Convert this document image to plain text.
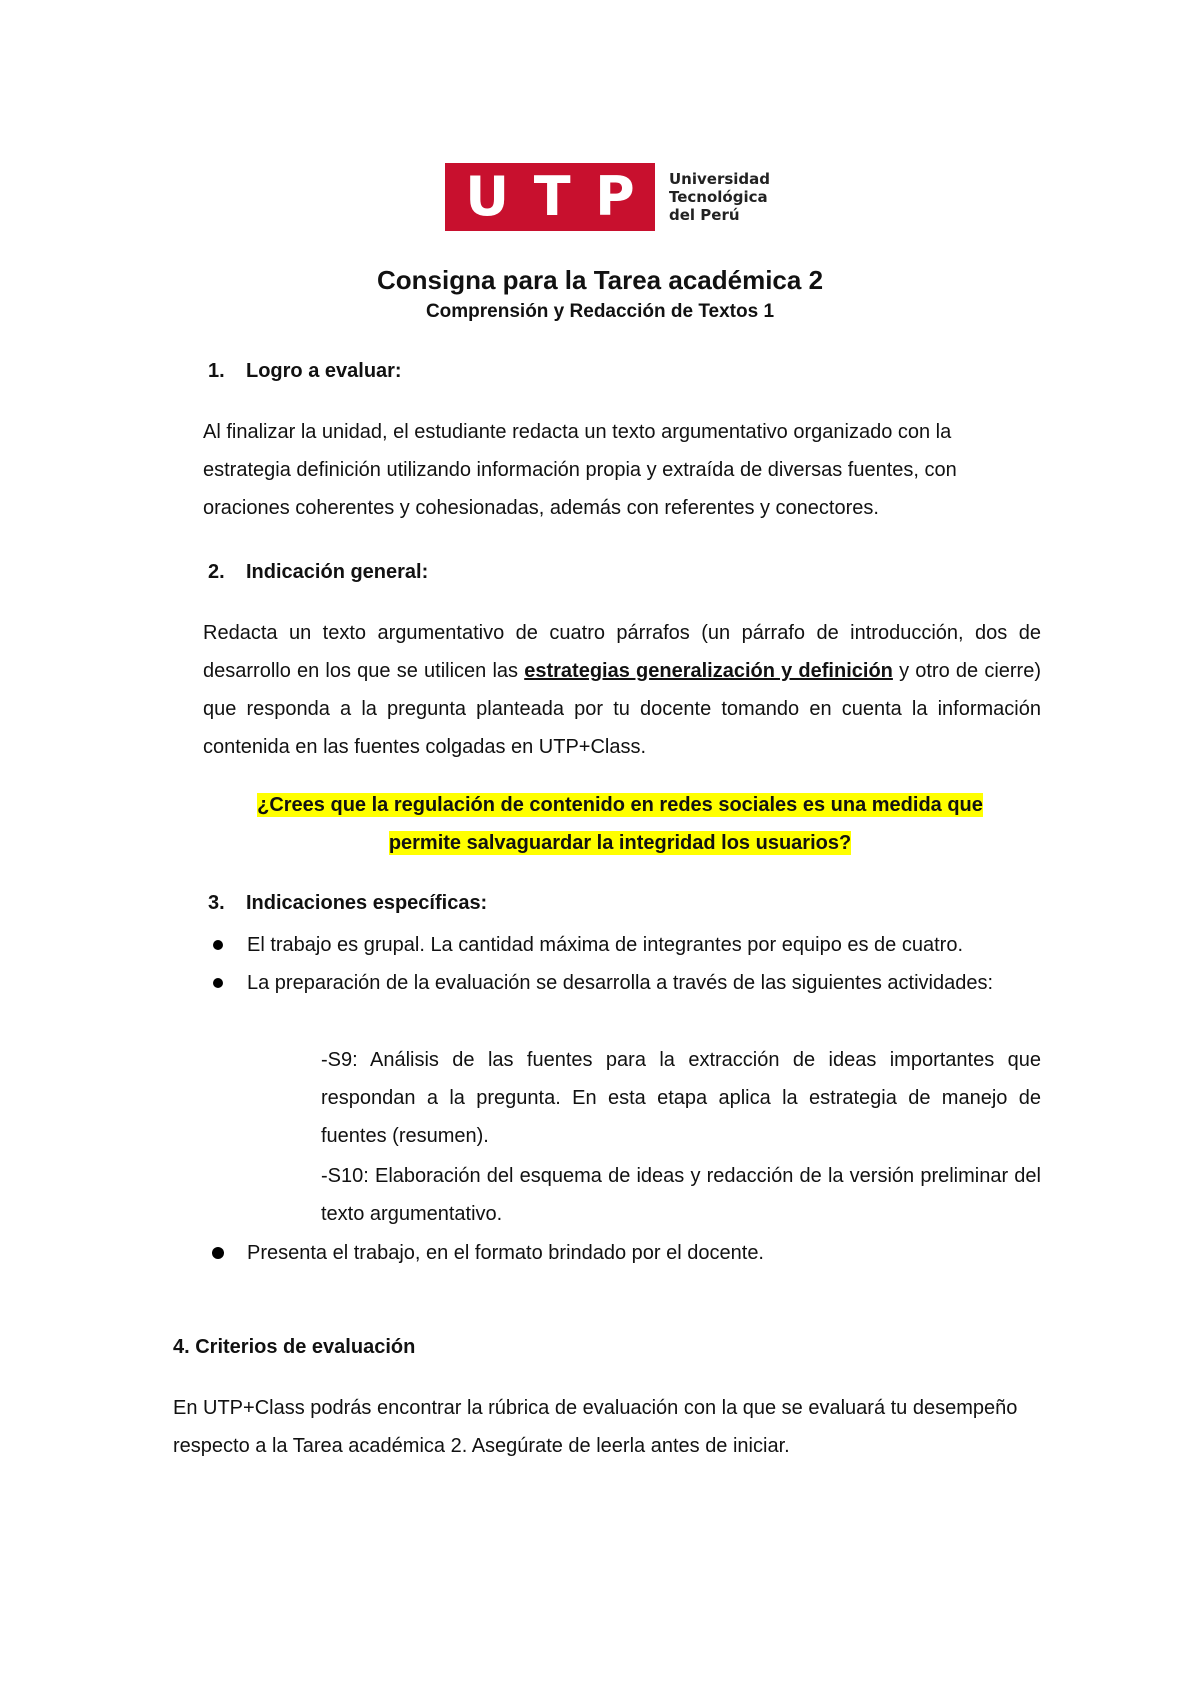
U T P Universidad
Tecnológica
del Perú
Consigna para la Tarea académica 2
Comprensión y Redacción de Textos 1
1. Logro a evaluar:

Al finalizar la unidad, el estudiante redacta un texto argumentativo organizado con la estrategia definición utilizando información propia y extraída de diversas fuentes, con oraciones coherentes y cohesionadas, además con referentes y conectores.

2. Indicación general:

Redacta un texto argumentativo de cuatro párrafos (un párrafo de introducción, dos de desarrollo en los que se utilicen las estrategias generalización y definición y otro de cierre) que responda a la pregunta planteada por tu docente tomando en cuenta la información contenida en las fuentes colgadas en UTP+Class.

¿Crees que la regulación de contenido en redes sociales es una medida que
permite salvaguardar la integridad los usuarios?
3. Indicaciones específicas:

El trabajo es grupal. La cantidad máxima de integrantes por equipo es de cuatro.

La preparación de la evaluación se desarrolla a través de las siguientes actividades:

-S9: Análisis de las fuentes para la extracción de ideas importantes que respondan a la pregunta. En esta etapa aplica la estrategia de manejo de fuentes (resumen).

-S10: Elaboración del esquema de ideas y redacción de la versión preliminar del texto argumentativo.

Presenta el trabajo, en el formato brindado por el docente.

4. Criterios de evaluación

En UTP+Class podrás encontrar la rúbrica de evaluación con la que se evaluará tu desempeño respecto a la Tarea académica 2. Asegúrate de leerla antes de iniciar.
